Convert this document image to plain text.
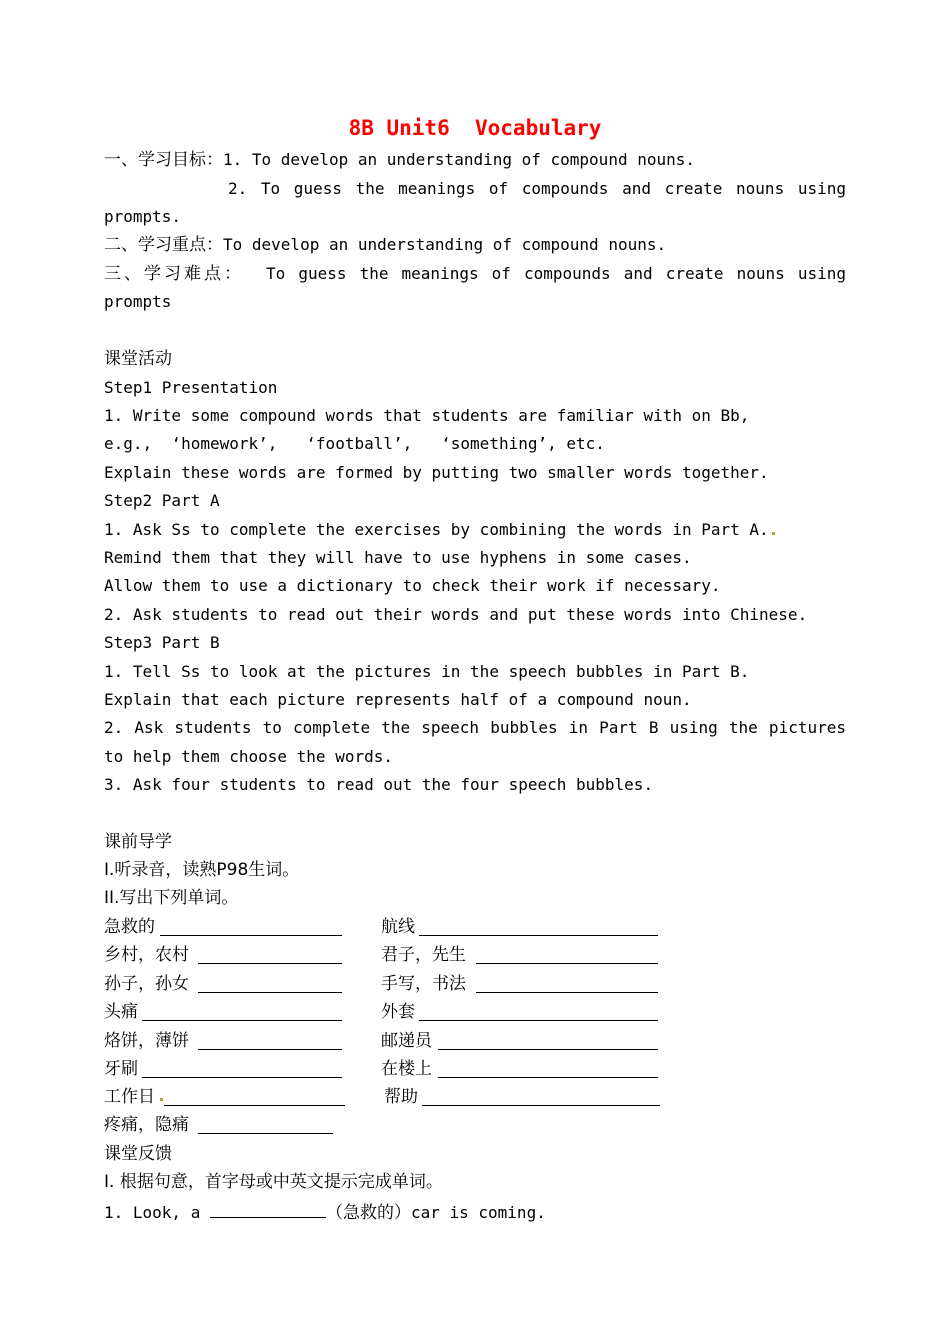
8B Unit6  Vocabulary
一、学习目标：1. To develop an understanding of compound nouns.
2. To guess the meanings of compounds and create nouns using
prompts.
二、学习重点：To develop an understanding of compound nouns.
三、学习难点： To guess the meanings of compounds and create nouns using
prompts
课堂活动
Step1 Presentation
1. Write some compound words that students are familiar with on Bb,
e.g.,  ‘homework’,   ‘football’,   ‘something’, etc.
Explain these words are formed by putting two smaller words together.
Step2 Part A
1. Ask Ss to complete the exercises by combining the words in Part A.
Remind them that they will have to use hyphens in some cases.
Allow them to use a dictionary to check their work if necessary.
2. Ask students to read out their words and put these words into Chinese.
Step3 Part B
1. Tell Ss to look at the pictures in the speech bubbles in Part B.
Explain that each picture represents half of a compound noun.
2. Ask students to complete the speech bubbles in Part B using the pictures
to help them choose the words.
3. Ask four students to read out the four speech bubbles.
课前导学
I.听录音，读熟P98生词。
II.写出下列单词。
急救的
乡村，农村
孙子，孙女
头痛
烙饼，薄饼
牙刷
工作日
疼痛，隐痛
航线
君子，先生
手写，书法
外套
邮递员
在楼上
帮助
课堂反馈
I. 根据句意，首字母或中英文提示完成单词。
1. Look, a	（急救的）car is coming.
